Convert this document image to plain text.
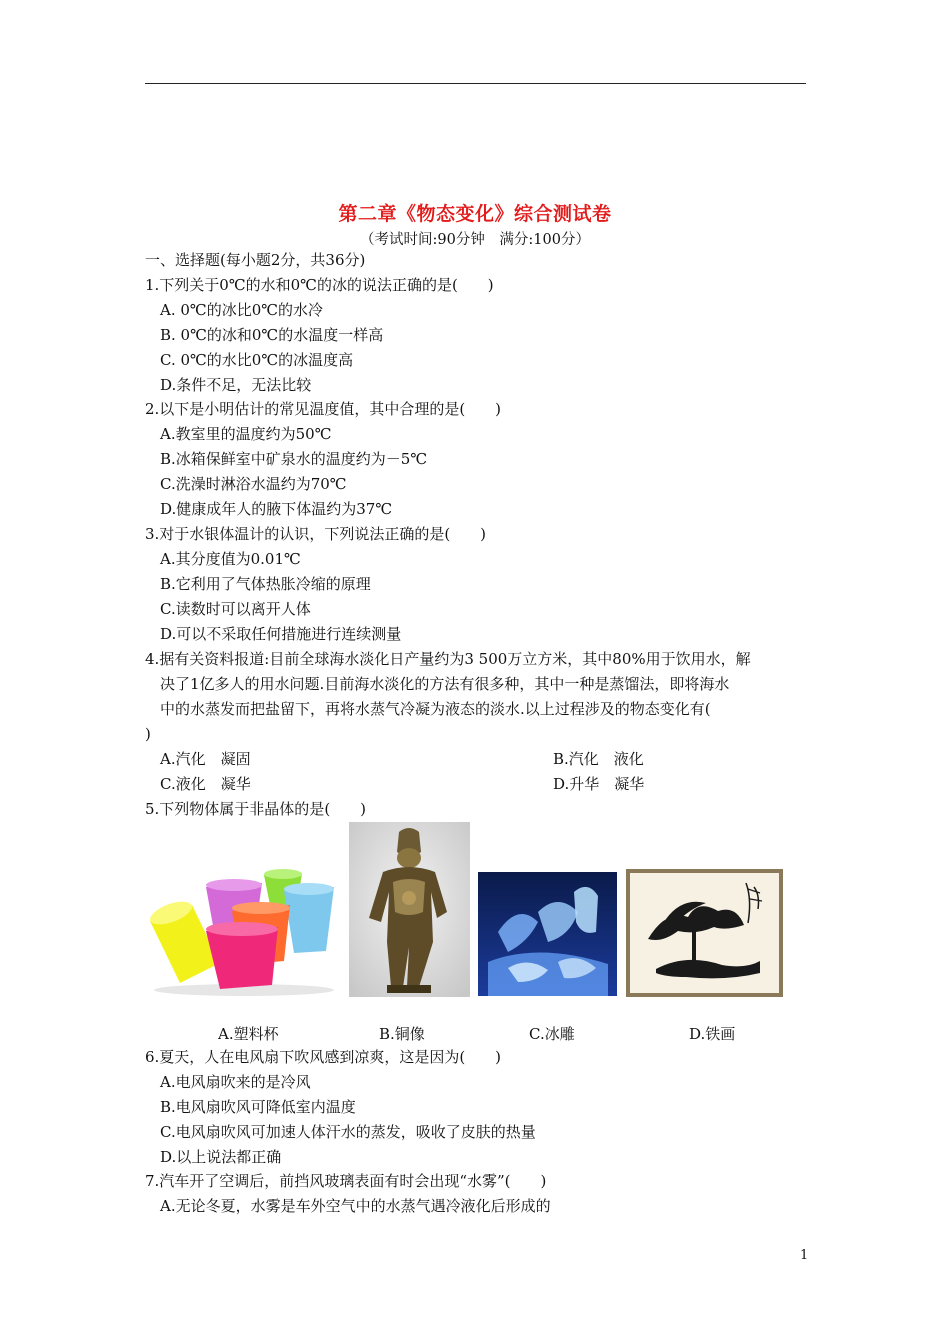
第二章《物态变化》综合测试卷
（考试时间:90分钟　满分:100分）
一、选择题(每小题2分，共36分)
1.下列关于0℃的水和0℃的冰的说法正确的是(　　)
A. 0℃的冰比0℃的水冷
B. 0℃的冰和0℃的水温度一样高
C. 0℃的水比0℃的冰温度高
D.条件不足，无法比较
2.以下是小明估计的常见温度值，其中合理的是(　　)
A.教室里的温度约为50℃
B.冰箱保鲜室中矿泉水的温度约为－5℃
C.洗澡时淋浴水温约为70℃
D.健康成年人的腋下体温约为37℃
3.对于水银体温计的认识，下列说法正确的是(　　)
A.其分度值为0.01℃
B.它利用了气体热胀冷缩的原理
C.读数时可以离开人体
D.可以不采取任何措施进行连续测量
4.据有关资料报道:目前全球海水淡化日产量约为3 500万立方米，其中80%用于饮用水，解
决了1亿多人的用水问题.目前海水淡化的方法有很多种，其中一种是蒸馏法，即将海水
中的水蒸发而把盐留下，再将水蒸气冷凝为液态的淡水.以上过程涉及的物态变化有(
)
A.汽化　凝固	B.汽化　液化
C.液化　凝华	D.升华　凝华
5.下列物体属于非晶体的是(　　)
A.塑料杯	B.铜像	C.冰雕	D.铁画
6.夏天，人在电风扇下吹风感到凉爽，这是因为(　　)
A.电风扇吹来的是冷风
B.电风扇吹风可降低室内温度
C.电风扇吹风可加速人体汗水的蒸发，吸收了皮肤的热量
D.以上说法都正确
7.汽车开了空调后，前挡风玻璃表面有时会出现“水雾”(　　)
A.无论冬夏，水雾是车外空气中的水蒸气遇冷液化后形成的
1
